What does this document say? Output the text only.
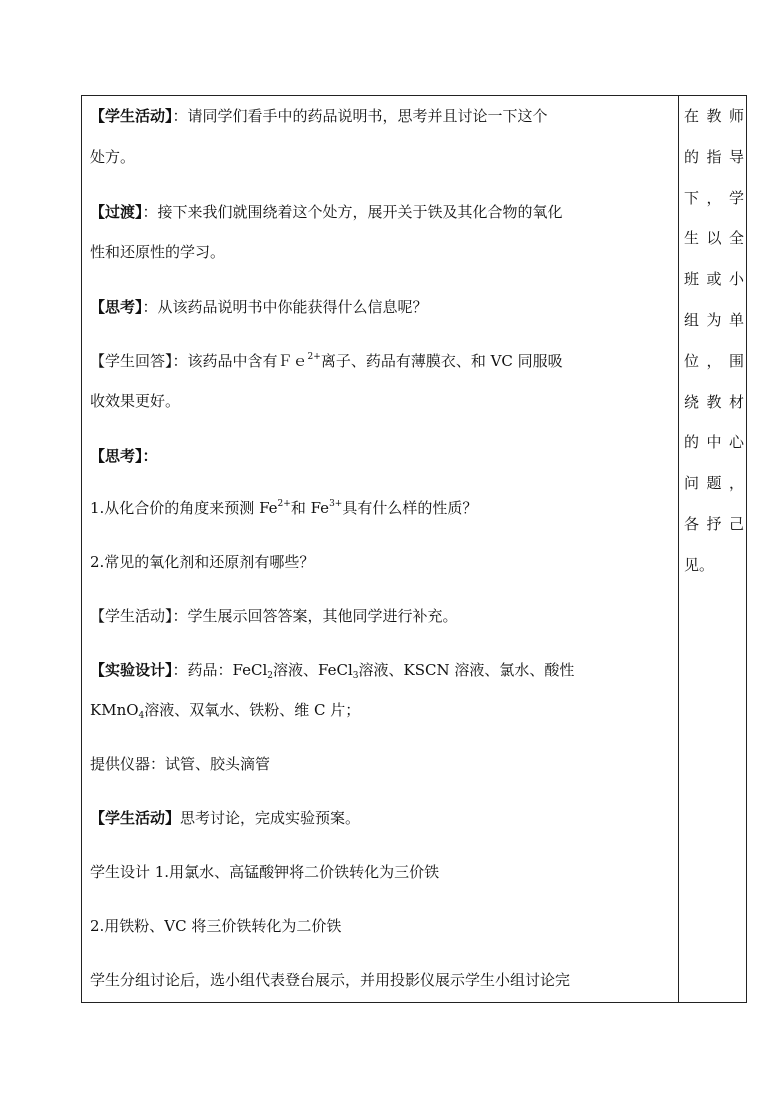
【学生活动】：请同学们看手中的药品说明书，思考并且讨论一下这个
处方。
【过渡】：接下来我们就围绕着这个处方，展开关于铁及其化合物的氧化
性和还原性的学习。
【思考】：从该药品说明书中你能获得什么信息呢？
【学生回答】：该药品中含有Ｆｅ$^{2+}$离子、药品有薄膜衣、和 VC 同服吸
收效果更好。
【思考】：
1.从化合价的角度来预测 $Fe^{2+}$和 $Fe^{3+}$具有什么样的性质？
2.常见的氧化剂和还原剂有哪些？
【学生活动】：学生展示回答答案，其他同学进行补充。
【实验设计】：药品：FeCl$_2$溶液、FeCl$_3$溶液、KSCN 溶液、氯水、酸性
KMnO$_4$溶液、双氧水、铁粉、维 C 片；
提供仪器：试管、胶头滴管
【学生活动】思考讨论，完成实验预案。
学生设计 1.用氯水、高锰酸钾将二价铁转化为三价铁
2.用铁粉、VC 将三价铁转化为二价铁
学生分组讨论后，选小组代表登台展示，并用投影仪展示学生小组讨论完
在 教 师
的 指 导
下 ， 学
生 以 全
班 或 小
组 为 单
位 ， 围
绕 教 材
的 中 心
问 题 ，
各 抒 己
见。
